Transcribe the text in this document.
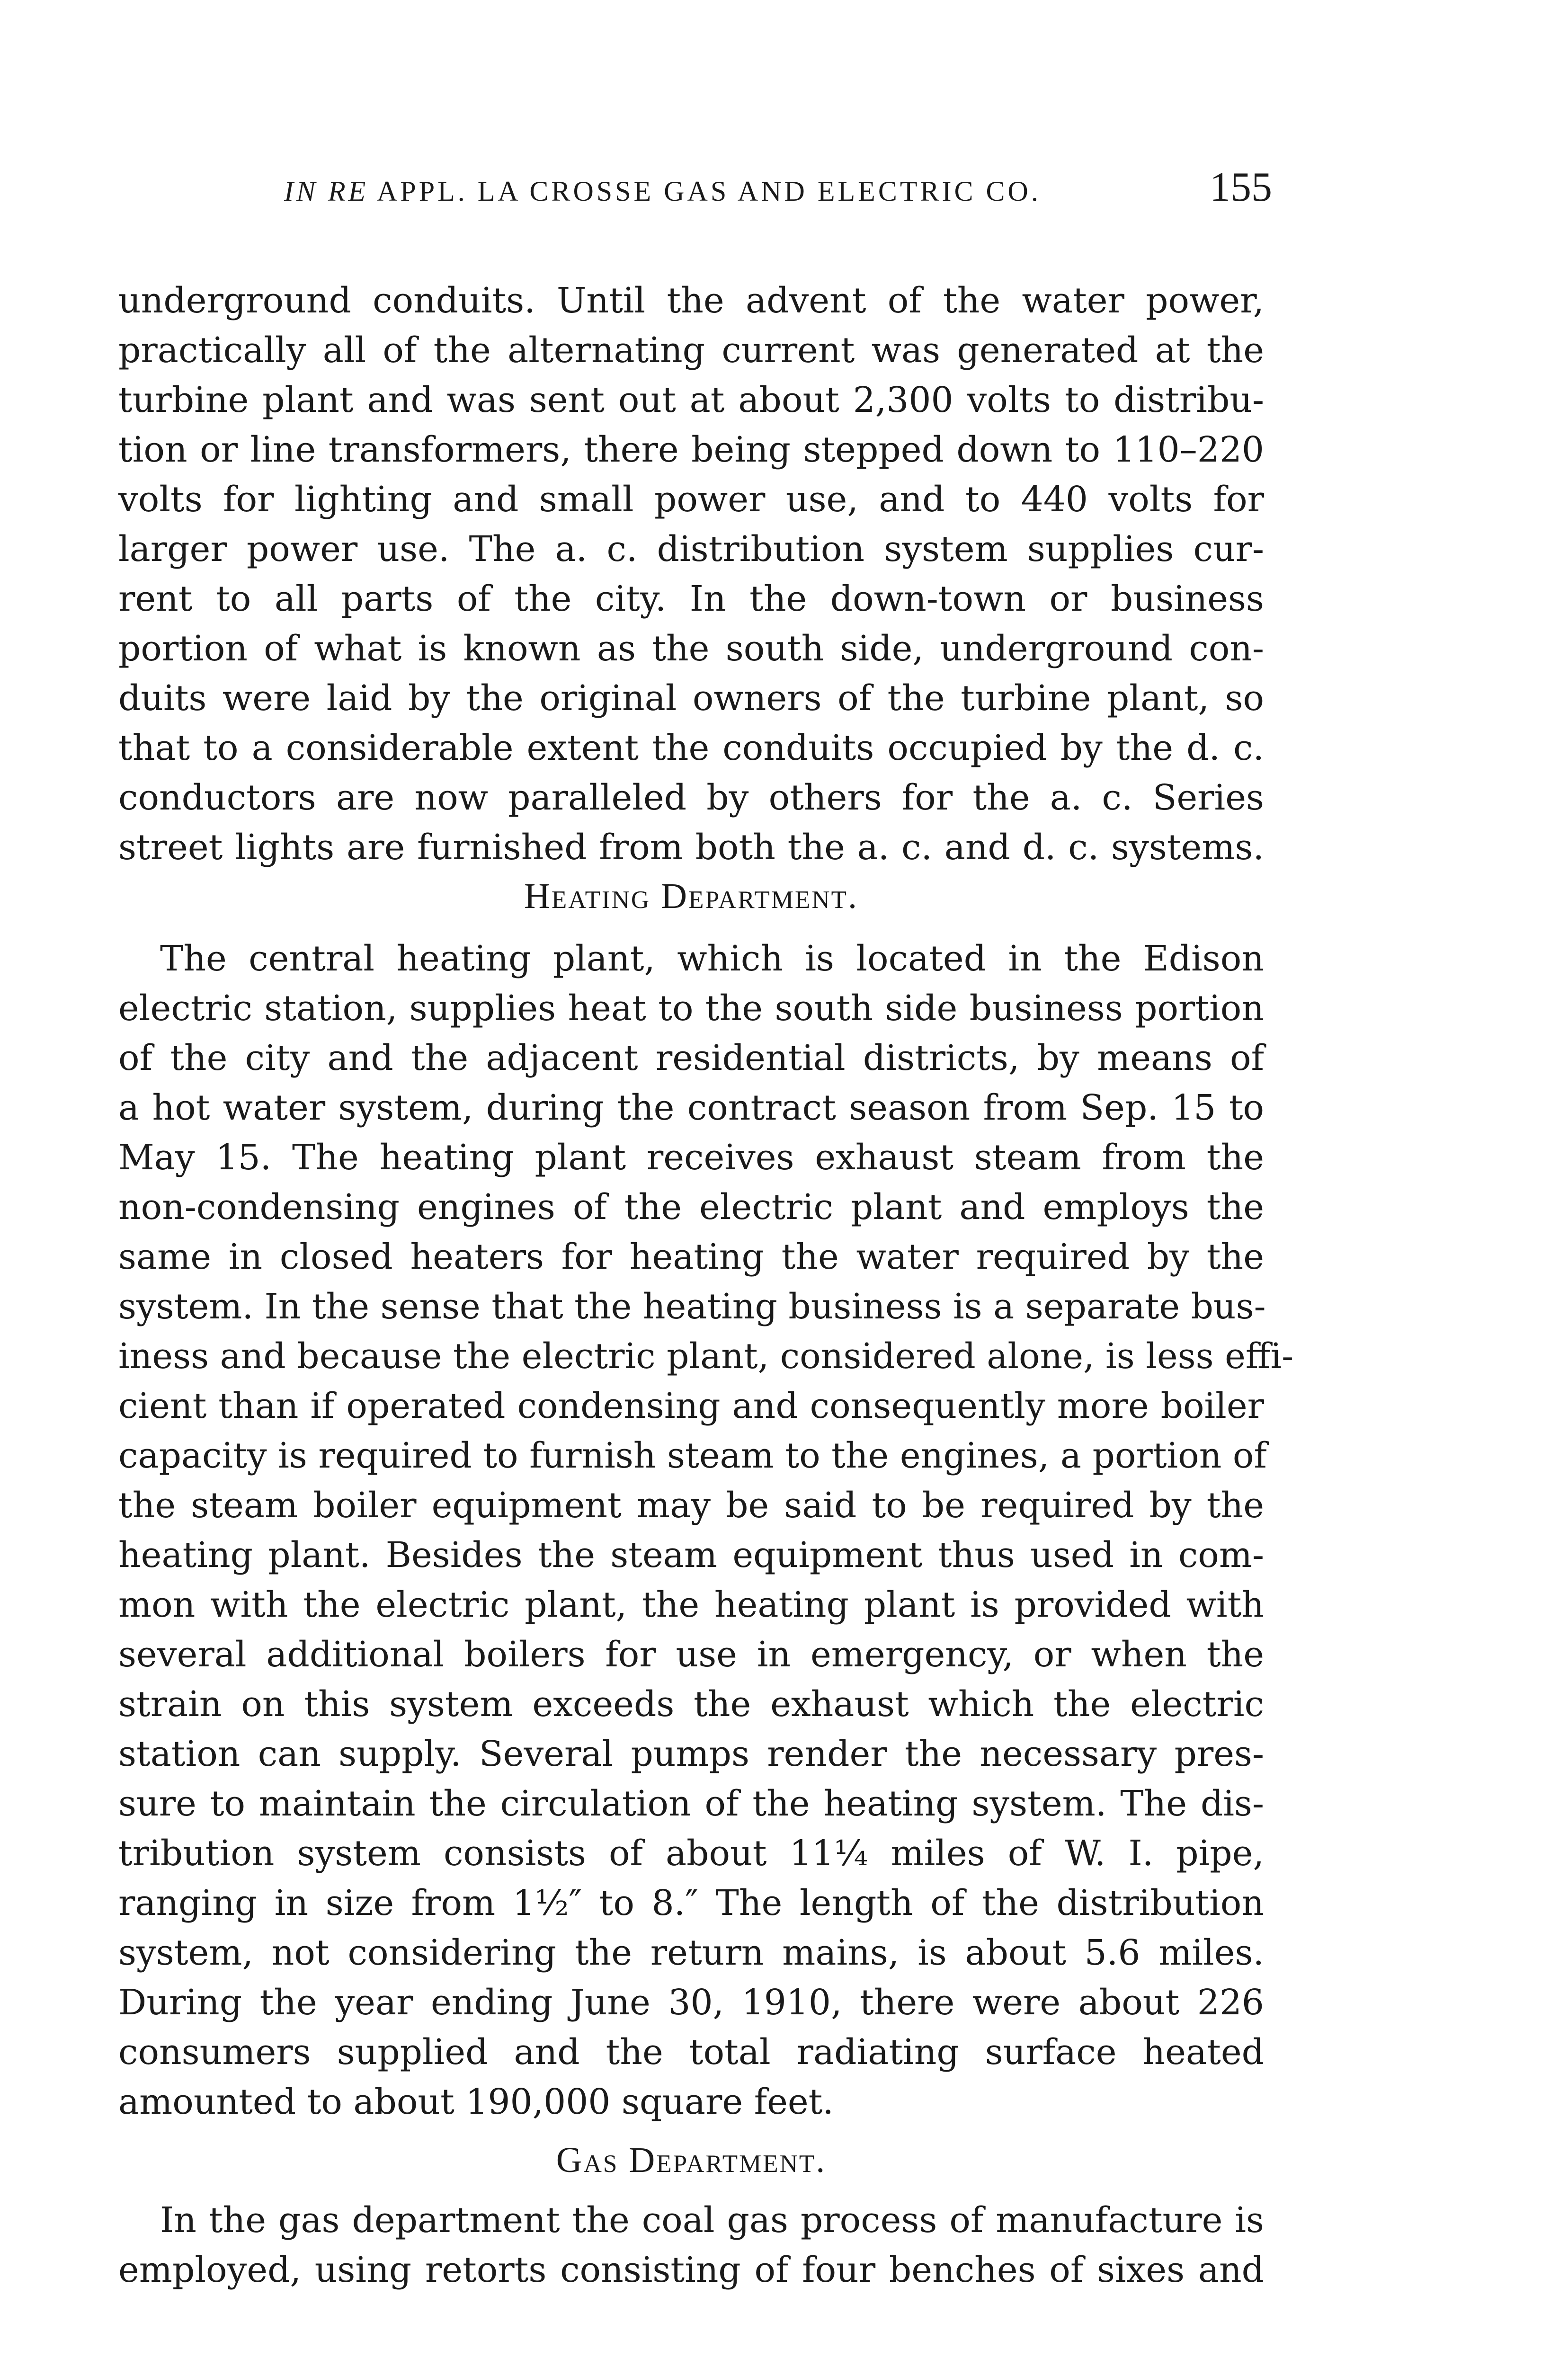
IN RE APPL. LA CROSSE GAS AND ELECTRIC CO.	155
underground conduits. Until the advent of the water power,
practically all of the alternating current was generated at the
turbine plant and was sent out at about 2,300 volts to distribu-
tion or line transformers, there being stepped down to 110–220
volts for lighting and small power use, and to 440 volts for
larger power use. The a. c. distribution system supplies cur-
rent to all parts of the city. In the down-town or business
portion of what is known as the south side, underground con-
duits were laid by the original owners of the turbine plant, so
that to a considerable extent the conduits occupied by the d. c.
conductors are now paralleled by others for the a. c. Series
street lights are furnished from both the a. c. and d. c. systems.
Heating Department.
The central heating plant, which is located in the Edison
electric station, supplies heat to the south side business portion
of the city and the adjacent residential districts, by means of
a hot water system, during the contract season from Sep. 15 to
May 15. The heating plant receives exhaust steam from the
non-condensing engines of the electric plant and employs the
same in closed heaters for heating the water required by the
system. In the sense that the heating business is a separate bus-
iness and because the electric plant, considered alone, is less effi-
cient than if operated condensing and consequently more boiler
capacity is required to furnish steam to the engines, a portion of
the steam boiler equipment may be said to be required by the
heating plant. Besides the steam equipment thus used in com-
mon with the electric plant, the heating plant is provided with
several additional boilers for use in emergency, or when the
strain on this system exceeds the exhaust which the electric
station can supply. Several pumps render the necessary pres-
sure to maintain the circulation of the heating system. The dis-
tribution system consists of about 11¼ miles of W. I. pipe,
ranging in size from 1½″ to 8.″ The length of the distribution
system, not considering the return mains, is about 5.6 miles.
During the year ending June 30, 1910, there were about 226
consumers supplied and the total radiating surface heated
amounted to about 190,000 square feet.
Gas Department.
In the gas department the coal gas process of manufacture is
employed, using retorts consisting of four benches of sixes and
